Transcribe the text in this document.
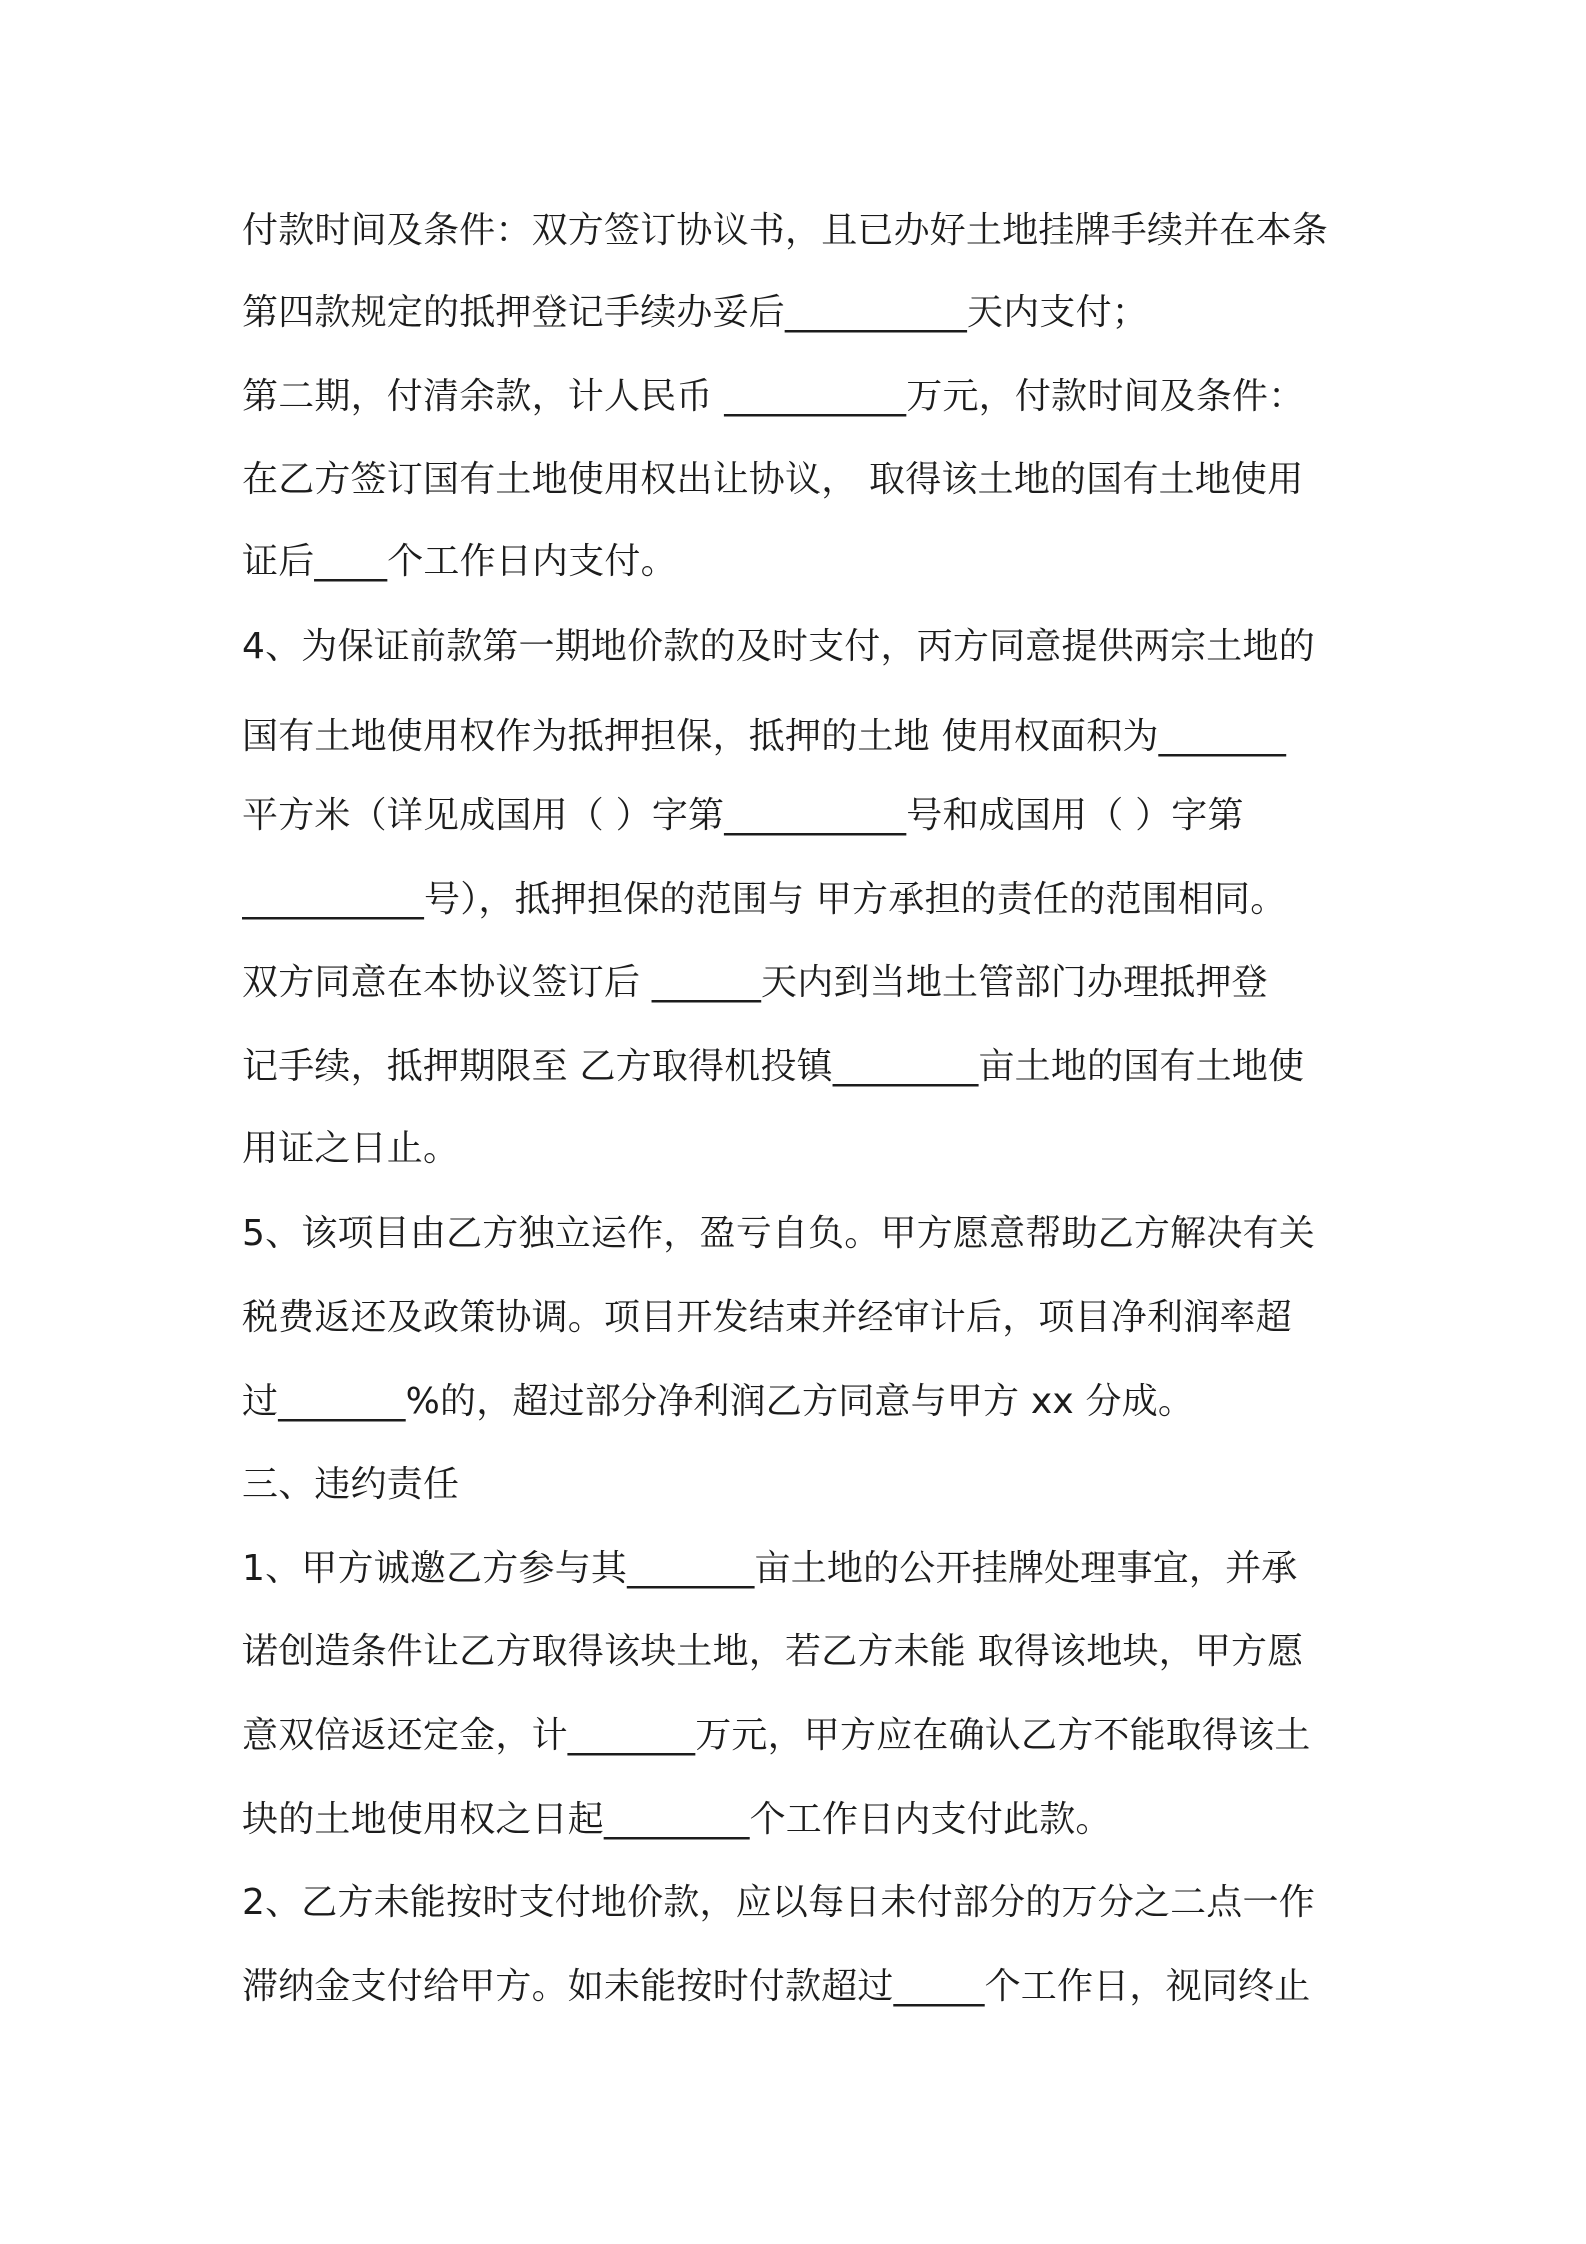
付款时间及条件：双方签订协议书，且已办好土地挂牌手续并在本条
第四款规定的抵押登记手续办妥后__________天内支付；
第二期，付清余款，计人民币 __________万元，付款时间及条件：
在乙方签订国有土地使用权出让协议， 取得该土地的国有土地使用
证后____个工作日内支付。
4、为保证前款第一期地价款的及时支付，丙方同意提供两宗土地的
国有土地使用权作为抵押担保，抵押的土地 使用权面积为_______
平方米（详见成国用（ ）字第__________号和成国用（ ）字第
__________号），抵押担保的范围与 甲方承担的责任的范围相同。
双方同意在本协议签订后 ______天内到当地土管部门办理抵押登
记手续，抵押期限至 乙方取得机投镇________亩土地的国有土地使
用证之日止。
5、该项目由乙方独立运作，盈亏自负。甲方愿意帮助乙方解决有关
税费返还及政策协调。项目开发结束并经审计后，项目净利润率超
过_______%的，超过部分净利润乙方同意与甲方 xx 分成。
三、违约责任
1、甲方诚邀乙方参与其_______亩土地的公开挂牌处理事宜，并承
诺创造条件让乙方取得该块土地，若乙方未能 取得该地块，甲方愿
意双倍返还定金，计_______万元，甲方应在确认乙方不能取得该土
块的土地使用权之日起________个工作日内支付此款。
2、乙方未能按时支付地价款，应以每日未付部分的万分之二点一作
滞纳金支付给甲方。如未能按时付款超过_____个工作日，视同终止
